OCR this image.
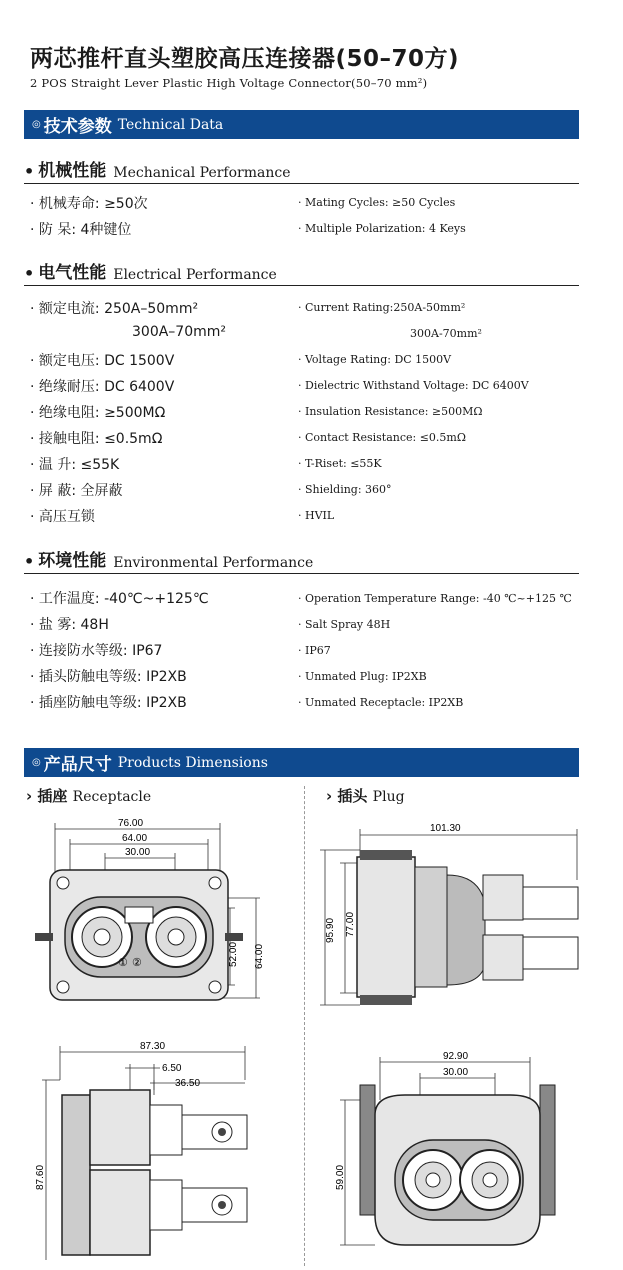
两芯推杆直头塑胶高压连接器(50–70方)
2 POS Straight Lever Plastic High Voltage Connector(50–70 mm²)
◎ 技术参数 Technical Data
• 机械性能 Mechanical Performance
· 机械寿命: ≥50次	· Mating Cycles: ≥50 Cycles
· 防 呆: 4种键位	· Multiple Polarization: 4 Keys
• 电气性能 Electrical Performance
· 额定电流: 250A–50mm²	· Current Rating:250A-50mm²
300A–70mm²	300A-70mm²
· 额定电压: DC 1500V	· Voltage Rating: DC 1500V
· 绝缘耐压: DC 6400V	· Dielectric Withstand Voltage: DC 6400V
· 绝缘电阻: ≥500MΩ	· Insulation Resistance: ≥500MΩ
· 接触电阻: ≤0.5mΩ	· Contact Resistance: ≤0.5mΩ
· 温 升: ≤55K	· T-Riset: ≤55K
· 屏 蔽: 全屏蔽	· Shielding: 360°
· 高压互锁	· HVIL
• 环境性能 Environmental Performance
· 工作温度: -40℃~+125℃	· Operation Temperature Range: -40 ℃~+125 ℃
· 盐 雾: 48H	· Salt Spray 48H
· 连接防水等级: IP67	· IP67
· 插头防触电等级: IP2XB	· Unmated Plug: IP2XB
· 插座防触电等级: IP2XB	· Unmated Receptacle: IP2XB
◎ 产品尺寸 Products Dimensions
› 插座 Receptacle	› 插头 Plug
76.00
64.00
30.00
52.00 64.00
① ②
87.30
6.50
36.50
87.60
101.30
95.90 77.00
92.90
30.00
59.00
